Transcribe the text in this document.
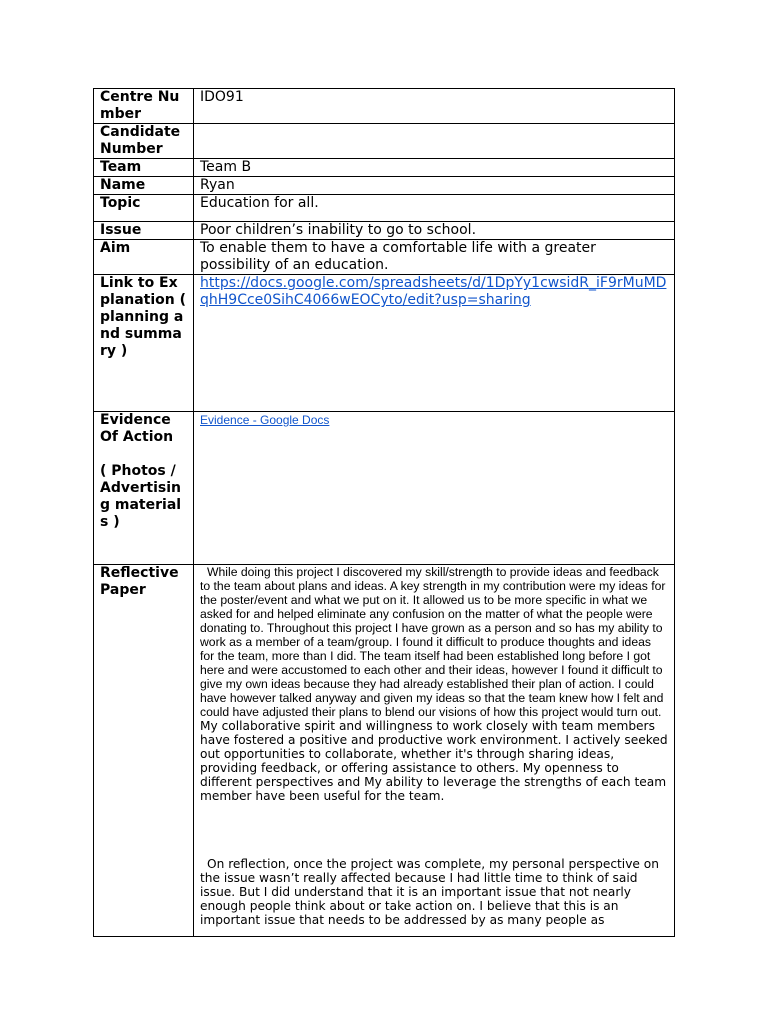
Centre Number	IDO91
Candidate Number	
Team	Team B
Name	Ryan
Topic	Education for all.
Issue	Poor children’s inability to go to school.
Aim	To enable them to have a comfortable life with a greater possibility of an education.
Link to Explanation ( planning and summary )	https://docs.google.com/spreadsheets/d/1DpYy1cwsidR_iF9rMuMDqhH9Cce0SihC4066wEOCyto/edit?usp=sharing

Evidence Of Action
( Photos / Advertising materials )	Evidence - Google Docs
Reflective Paper	While doing this project I discovered my skill/strength to provide ideas and feedback to the team about plans and ideas. A key strength in my contribution were my ideas for the poster/event and what we put on it. It allowed us to be more specific in what we asked for and helped eliminate any confusion on the matter of what the people were donating to. Throughout this project I have grown as a person and so has my ability to work as a member of a team/group. I found it difficult to produce thoughts and ideas for the team, more than I did. The team itself had been established long before I got here and were accustomed to each other and their ideas, however I found it difficult to give my own ideas because they had already established their plan of action. I could have however talked anyway and given my ideas so that the team knew how I felt and could have adjusted their plans to blend our visions of how this project would turn out.

My collaborative spirit and willingness to work closely with team members have fostered a positive and productive work environment. I actively seeked out opportunities to collaborate, whether it's through sharing ideas, providing feedback, or offering assistance to others. My openness to different perspectives and My ability to leverage the strengths of each team member have been useful for the team.

On reflection, once the project was complete, my personal perspective on the issue wasn’t really affected because I had little time to think of said issue. But I did understand that it is an important issue that not nearly enough people think about or take action on. I believe that this is an important issue that needs to be addressed by as many people as
